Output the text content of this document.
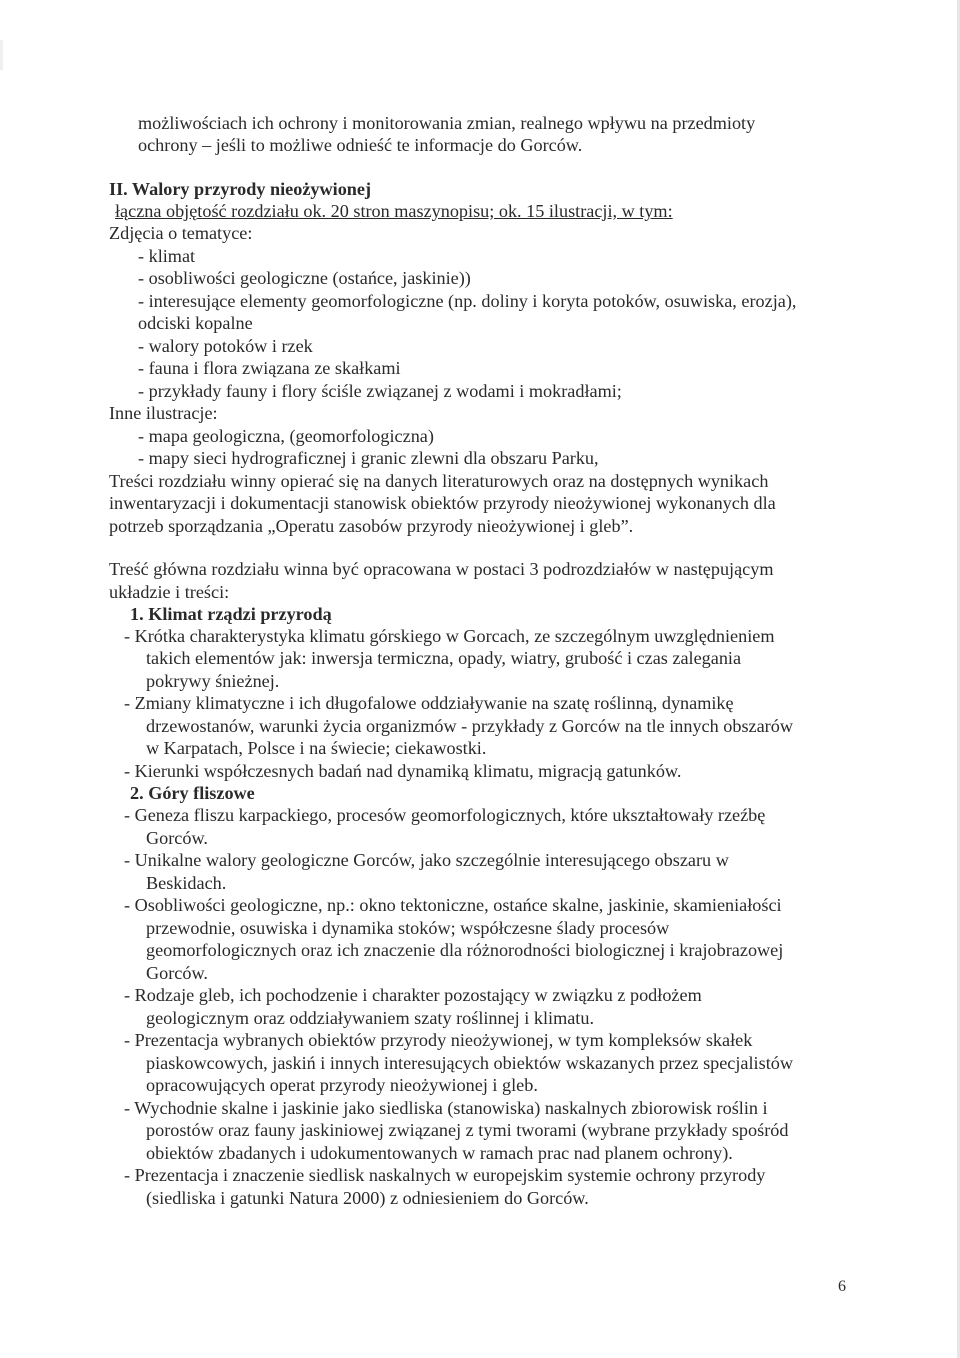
możliwościach ich ochrony i monitorowania zmian, realnego wpływu na przedmioty
ochrony – jeśli to możliwe odnieść te informacje do Gorców.
II. Walory przyrody nieożywionej
łączna objętość rozdziału ok. 20 stron maszynopisu; ok. 15 ilustracji, w tym:
Zdjęcia o tematyce:
- klimat
- osobliwości geologiczne (ostańce, jaskinie))
- interesujące elementy geomorfologiczne (np. doliny i koryta potoków, osuwiska, erozja),
odciski kopalne
- walory potoków i rzek
- fauna i flora związana ze skałkami
- przykłady fauny i flory ściśle związanej z wodami i mokradłami;
Inne ilustracje:
- mapa geologiczna, (geomorfologiczna)
- mapy sieci hydrograficznej i granic zlewni dla obszaru Parku,
Treści rozdziału winny opierać się na danych literaturowych oraz na dostępnych wynikach
inwentaryzacji i dokumentacji stanowisk obiektów przyrody nieożywionej wykonanych dla
potrzeb sporządzania „Operatu zasobów przyrody nieożywionej i gleb”.
Treść główna rozdziału winna być opracowana w postaci 3 podrozdziałów w następującym
układzie i treści:
1. Klimat rządzi przyrodą
- Krótka charakterystyka klimatu górskiego w Gorcach, ze szczególnym uwzględnieniem
takich elementów jak: inwersja termiczna, opady, wiatry, grubość i czas zalegania
pokrywy śnieżnej.
- Zmiany klimatyczne i ich długofalowe oddziaływanie na szatę roślinną, dynamikę
drzewostanów, warunki życia organizmów - przykłady z Gorców na tle innych obszarów
w Karpatach, Polsce i na świecie; ciekawostki.
- Kierunki współczesnych badań nad dynamiką klimatu, migracją gatunków.
2. Góry fliszowe
- Geneza fliszu karpackiego, procesów geomorfologicznych, które ukształtowały rzeźbę
Gorców.
- Unikalne walory geologiczne Gorców, jako szczególnie interesującego obszaru w
Beskidach.
- Osobliwości geologiczne, np.: okno tektoniczne, ostańce skalne, jaskinie, skamieniałości
przewodnie, osuwiska i dynamika stoków; współczesne ślady procesów
geomorfologicznych oraz ich znaczenie dla różnorodności biologicznej i krajobrazowej
Gorców.
- Rodzaje gleb, ich pochodzenie i charakter pozostający w związku z podłożem
geologicznym oraz oddziaływaniem szaty roślinnej i klimatu.
- Prezentacja wybranych obiektów przyrody nieożywionej, w tym kompleksów skałek
piaskowcowych, jaskiń i innych interesujących obiektów wskazanych przez specjalistów
opracowujących operat przyrody nieożywionej i gleb.
- Wychodnie skalne i jaskinie jako siedliska (stanowiska) naskalnych zbiorowisk roślin i
porostów oraz fauny jaskiniowej związanej z tymi tworami (wybrane przykłady spośród
obiektów zbadanych i udokumentowanych w ramach prac nad planem ochrony).
- Prezentacja i znaczenie siedlisk naskalnych w europejskim systemie ochrony przyrody
(siedliska i gatunki Natura 2000) z odniesieniem do Gorców.
6
